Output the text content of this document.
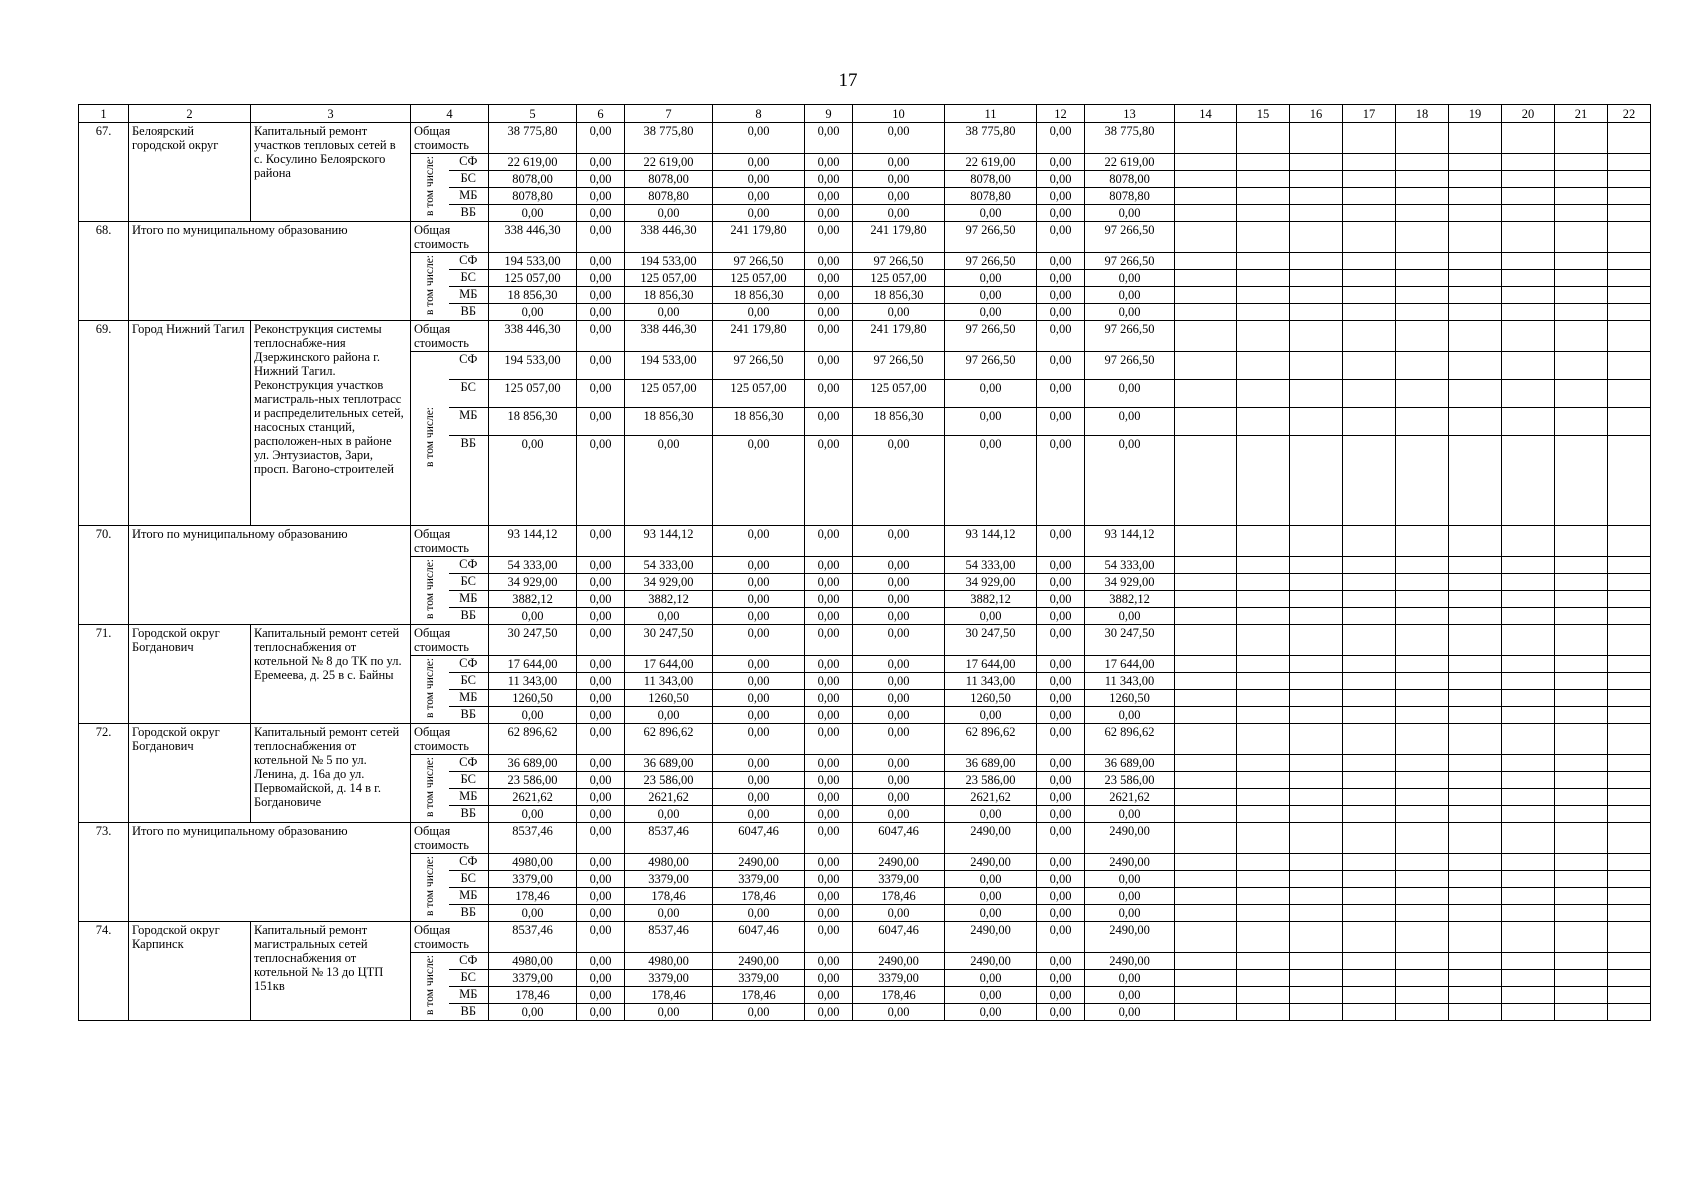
17
1	2	3	4		5	6	7	8	9	10	11	12	13	14	15	16	17	18	19	20	21	22
67.	Белоярский городской округ	Капитальный ремонт участков тепловых сетей в с. Косулино Белоярского района	Общая стоимость		38 775,80	0,00	38 775,80	0,00	0,00	0,00	38 775,80	0,00	38 775,80									
			в том числе:	СФ	22 619,00	0,00	22 619,00	0,00	0,00	0,00	22 619,00	0,00	22 619,00									
				БС	8078,00	0,00	8078,00	0,00	0,00	0,00	8078,00	0,00	8078,00									
				МБ	8078,80	0,00	8078,80	0,00	0,00	0,00	8078,80	0,00	8078,80									
				ВБ	0,00	0,00	0,00	0,00	0,00	0,00	0,00	0,00	0,00									
68.	Итого по муниципальному образованию		Общая стоимость		338 446,30	0,00	338 446,30	241 179,80	0,00	241 179,80	97 266,50	0,00	97 266,50									
			в том числе:	СФ	194 533,00	0,00	194 533,00	97 266,50	0,00	97 266,50	97 266,50	0,00	97 266,50									
				БС	125 057,00	0,00	125 057,00	125 057,00	0,00	125 057,00	0,00	0,00	0,00									
				МБ	18 856,30	0,00	18 856,30	18 856,30	0,00	18 856,30	0,00	0,00	0,00									
				ВБ	0,00	0,00	0,00	0,00	0,00	0,00	0,00	0,00	0,00									
69.	Город Нижний Тагил	Реконструкция системы теплоснабже-ния Дзержинского района г. Нижний Тагил. Реконструкция участков магистраль-ных теплотрасс и распределительных сетей, насосных станций, расположен-ных в районе ул. Энтузиастов, Зари, просп. Вагоно-строителей	Общая стоимость		338 446,30	0,00	338 446,30	241 179,80	0,00	241 179,80	97 266,50	0,00	97 266,50									
			в том числе:	СФ	194 533,00	0,00	194 533,00	97 266,50	0,00	97 266,50	97 266,50	0,00	97 266,50									
				БС	125 057,00	0,00	125 057,00	125 057,00	0,00	125 057,00	0,00	0,00	0,00									
				МБ	18 856,30	0,00	18 856,30	18 856,30	0,00	18 856,30	0,00	0,00	0,00									
				ВБ	0,00	0,00	0,00	0,00	0,00	0,00	0,00	0,00	0,00									
70.	Итого по муниципальному образованию		Общая стоимость		93 144,12	0,00	93 144,12	0,00	0,00	0,00	93 144,12	0,00	93 144,12									
			в том числе:	СФ	54 333,00	0,00	54 333,00	0,00	0,00	0,00	54 333,00	0,00	54 333,00									
				БС	34 929,00	0,00	34 929,00	0,00	0,00	0,00	34 929,00	0,00	34 929,00									
				МБ	3882,12	0,00	3882,12	0,00	0,00	0,00	3882,12	0,00	3882,12									
				ВБ	0,00	0,00	0,00	0,00	0,00	0,00	0,00	0,00	0,00									
71.	Городской округ Богданович	Капитальный ремонт сетей теплоснабжения от котельной № 8 до ТК по ул. Еремеева, д. 25 в с. Байны	Общая стоимость		30 247,50	0,00	30 247,50	0,00	0,00	0,00	30 247,50	0,00	30 247,50									
			в том числе:	СФ	17 644,00	0,00	17 644,00	0,00	0,00	0,00	17 644,00	0,00	17 644,00									
				БС	11 343,00	0,00	11 343,00	0,00	0,00	0,00	11 343,00	0,00	11 343,00									
				МБ	1260,50	0,00	1260,50	0,00	0,00	0,00	1260,50	0,00	1260,50									
				ВБ	0,00	0,00	0,00	0,00	0,00	0,00	0,00	0,00	0,00									
72.	Городской округ Богданович	Капитальный ремонт сетей теплоснабжения от котельной № 5 по ул. Ленина, д. 16а до ул. Первомайской, д. 14 в г. Богдановиче	Общая стоимость		62 896,62	0,00	62 896,62	0,00	0,00	0,00	62 896,62	0,00	62 896,62									
			в том числе:	СФ	36 689,00	0,00	36 689,00	0,00	0,00	0,00	36 689,00	0,00	36 689,00									
				БС	23 586,00	0,00	23 586,00	0,00	0,00	0,00	23 586,00	0,00	23 586,00									
				МБ	2621,62	0,00	2621,62	0,00	0,00	0,00	2621,62	0,00	2621,62									
				ВБ	0,00	0,00	0,00	0,00	0,00	0,00	0,00	0,00	0,00									
73.	Итого по муниципальному образованию		Общая стоимость		8537,46	0,00	8537,46	6047,46	0,00	6047,46	2490,00	0,00	2490,00									
			в том числе:	СФ	4980,00	0,00	4980,00	2490,00	0,00	2490,00	2490,00	0,00	2490,00									
				БС	3379,00	0,00	3379,00	3379,00	0,00	3379,00	0,00	0,00	0,00									
				МБ	178,46	0,00	178,46	178,46	0,00	178,46	0,00	0,00	0,00									
				ВБ	0,00	0,00	0,00	0,00	0,00	0,00	0,00	0,00	0,00									
74.	Городской округ Карпинск	Капитальный ремонт магистральных сетей теплоснабжения от котельной № 13 до ЦТП 151кв	Общая стоимость		8537,46	0,00	8537,46	6047,46	0,00	6047,46	2490,00	0,00	2490,00									
			в том числе:	СФ	4980,00	0,00	4980,00	2490,00	0,00	2490,00	2490,00	0,00	2490,00									
				БС	3379,00	0,00	3379,00	3379,00	0,00	3379,00	0,00	0,00	0,00									
				МБ	178,46	0,00	178,46	178,46	0,00	178,46	0,00	0,00	0,00									
				ВБ	0,00	0,00	0,00	0,00	0,00	0,00	0,00	0,00	0,00									
